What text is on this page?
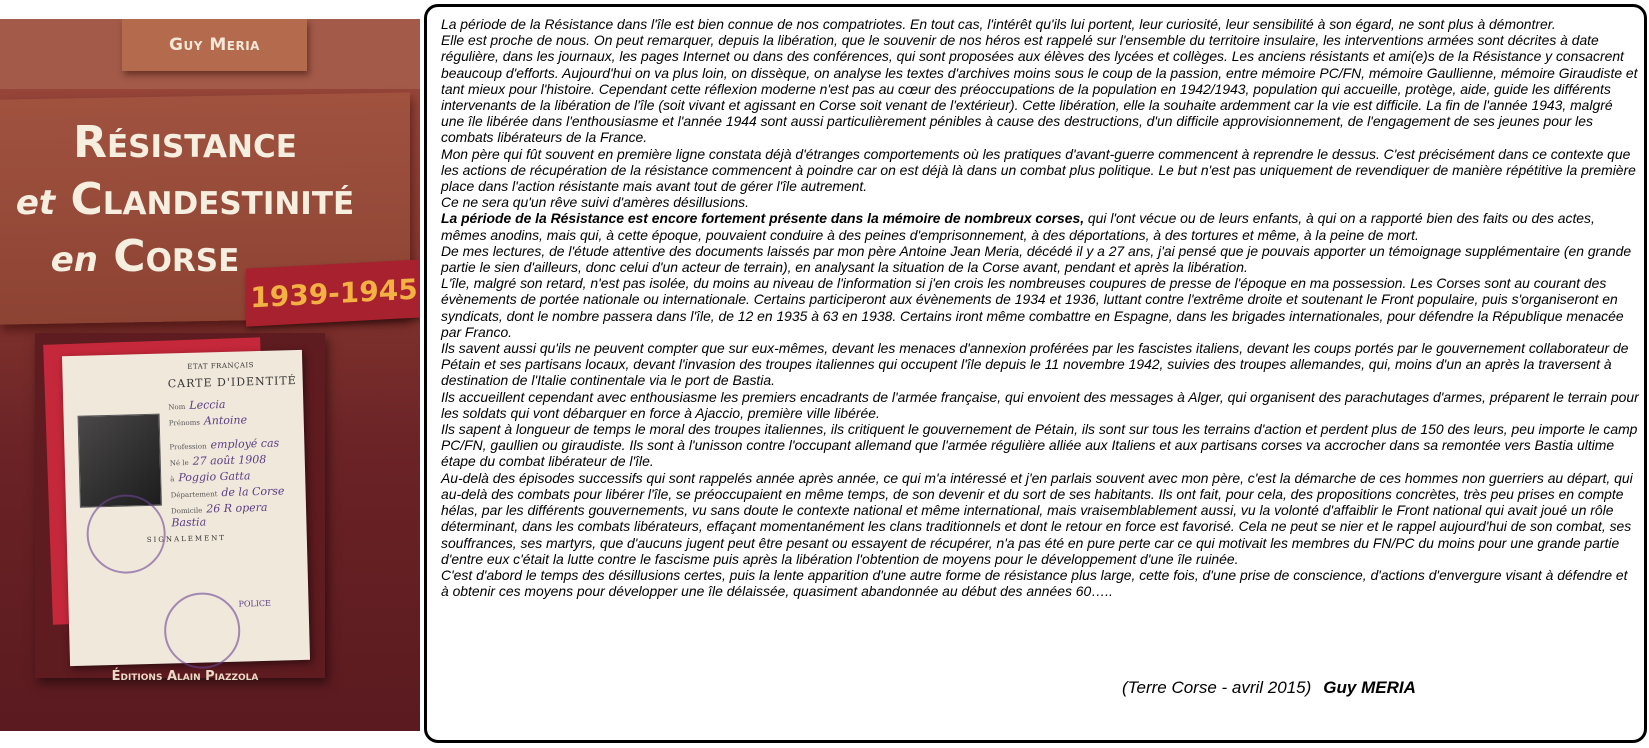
Guy Meria
Résistance
et Clandestinité
en Corse
1939-1945
ETAT FRANÇAIS
CARTE D'IDENTITÉ
Nom Leccia
Prénoms Antoine
Profession employé cas
Né le 27 août 1908
à Poggio Gatta
Département de la Corse
Domicile 26 R opera Bastia
SIGNALEMENT
POLICE
Éditions Alain Piazzola

La période de la Résistance dans l'île est bien connue de nos compatriotes. En tout cas, l'intérêt qu'ils lui portent, leur curiosité, leur sensibilité à son égard, ne sont plus à démontrer.

Elle est proche de nous. On peut remarquer, depuis la libération, que le souvenir de nos héros est rappelé sur l'ensemble du territoire insulaire, les interventions armées sont décrites à date régulière, dans les journaux, les pages Internet ou dans des conférences, qui sont proposées aux élèves des lycées et collèges. Les anciens résistants et ami(e)s de la Résistance y consacrent beaucoup d'efforts. Aujourd'hui on va plus loin, on dissèque, on analyse les textes d'archives moins sous le coup de la passion, entre mémoire PC/FN, mémoire Gaullienne, mémoire Giraudiste et tant mieux pour l'histoire. Cependant cette réflexion moderne n'est pas au cœur des préoccupations de la population en 1942/1943, population qui accueille, protège, aide, guide les différents intervenants de la libération de l'île (soit vivant et agissant en Corse soit venant de l'extérieur). Cette libération, elle la souhaite ardemment car la vie est difficile. La fin de l'année 1943, malgré une île libérée dans l'enthousiasme et l'année 1944 sont aussi particulièrement pénibles à cause des destructions, d'un difficile approvisionnement, de l'engagement de ses jeunes pour les combats libérateurs de la France.

Mon père qui fût souvent en première ligne constata déjà d'étranges comportements où les pratiques d'avant-guerre commencent à reprendre le dessus. C'est précisément dans ce contexte que les actions de récupération de la résistance commencent à poindre car on est déjà là dans un combat plus politique. Le but n'est pas uniquement de revendiquer de manière répétitive la première place dans l'action résistante mais avant tout de gérer l'île autrement.

Ce ne sera qu'un rêve suivi d'amères désillusions.

La période de la Résistance est encore fortement présente dans la mémoire de nombreux corses, qui l'ont vécue ou de leurs enfants, à qui on a rapporté bien des faits ou des actes, mêmes anodins, mais qui, à cette époque, pouvaient conduire à des peines d'emprisonnement, à des déportations, à des tortures et même, à la peine de mort.

De mes lectures, de l'étude attentive des documents laissés par mon père Antoine Jean Meria, décédé il y a 27 ans, j'ai pensé que je pouvais apporter un témoignage supplémentaire (en grande partie le sien d'ailleurs, donc celui d'un acteur de terrain), en analysant la situation de la Corse avant, pendant et après la libération.

L'île, malgré son retard, n'est pas isolée, du moins au niveau de l'information si j'en crois les nombreuses coupures de presse de l'époque en ma possession. Les Corses sont au courant des évènements de portée nationale ou internationale. Certains participeront aux évènements de 1934 et 1936, luttant contre l'extrême droite et soutenant le Front populaire, puis s'organiseront en syndicats, dont le nombre passera dans l'île, de 12 en 1935 à 63 en 1938. Certains iront même combattre en Espagne, dans les brigades internationales, pour défendre la République menacée par Franco.

Ils savent aussi qu'ils ne peuvent compter que sur eux-mêmes, devant les menaces d'annexion proférées par les fascistes italiens, devant les coups portés par le gouvernement collaborateur de Pétain et ses partisans locaux, devant l'invasion des troupes italiennes qui occupent l'île depuis le 11 novembre 1942, suivies des troupes allemandes, qui, moins d'un an après la traversent à destination de l'Italie continentale via le port de Bastia.

Ils accueillent cependant avec enthousiasme les premiers encadrants de l'armée française, qui envoient des messages à Alger, qui organisent des parachutages d'armes, préparent le terrain pour les soldats qui vont débarquer en force à Ajaccio, première ville libérée.

Ils sapent à longueur de temps le moral des troupes italiennes, ils critiquent le gouvernement de Pétain, ils sont sur tous les terrains d'action et perdent plus de 150 des leurs, peu importe le camp PC/FN, gaullien ou giraudiste. Ils sont à l'unisson contre l'occupant allemand que l'armée régulière alliée aux Italiens et aux partisans corses va accrocher dans sa remontée vers Bastia ultime étape du combat libérateur de l'île.

Au-delà des épisodes successifs qui sont rappelés année après année, ce qui m'a intéressé et j'en parlais souvent avec mon père, c'est la démarche de ces hommes non guerriers au départ, qui au-delà des combats pour libérer l'île, se préoccupaient en même temps, de son devenir et du sort de ses habitants. Ils ont fait, pour cela, des propositions concrètes, très peu prises en compte hélas, par les différents gouvernements, vu sans doute le contexte national et même international, mais vraisemblablement aussi, vu la volonté d'affaiblir le Front national qui avait joué un rôle déterminant, dans les combats libérateurs, effaçant momentanément les clans traditionnels et dont le retour en force est favorisé. Cela ne peut se nier et le rappel aujourd'hui de son combat, ses souffrances, ses martyrs, que d'aucuns jugent peut être pesant ou essayent de récupérer, n'a pas été en pure perte car ce qui motivait les membres du FN/PC du moins pour une grande partie d'entre eux c'était la lutte contre le fascisme puis après la libération l'obtention de moyens pour le développement d'une île ruinée.

C'est d'abord le temps des désillusions certes, puis la lente apparition d'une autre forme de résistance plus large, cette fois, d'une prise de conscience, d'actions d'envergure visant à défendre et à obtenir ces moyens pour développer une île délaissée, quasiment abandonnée au début des années 60…..

(Terre Corse - avril 2015) Guy MERIA
